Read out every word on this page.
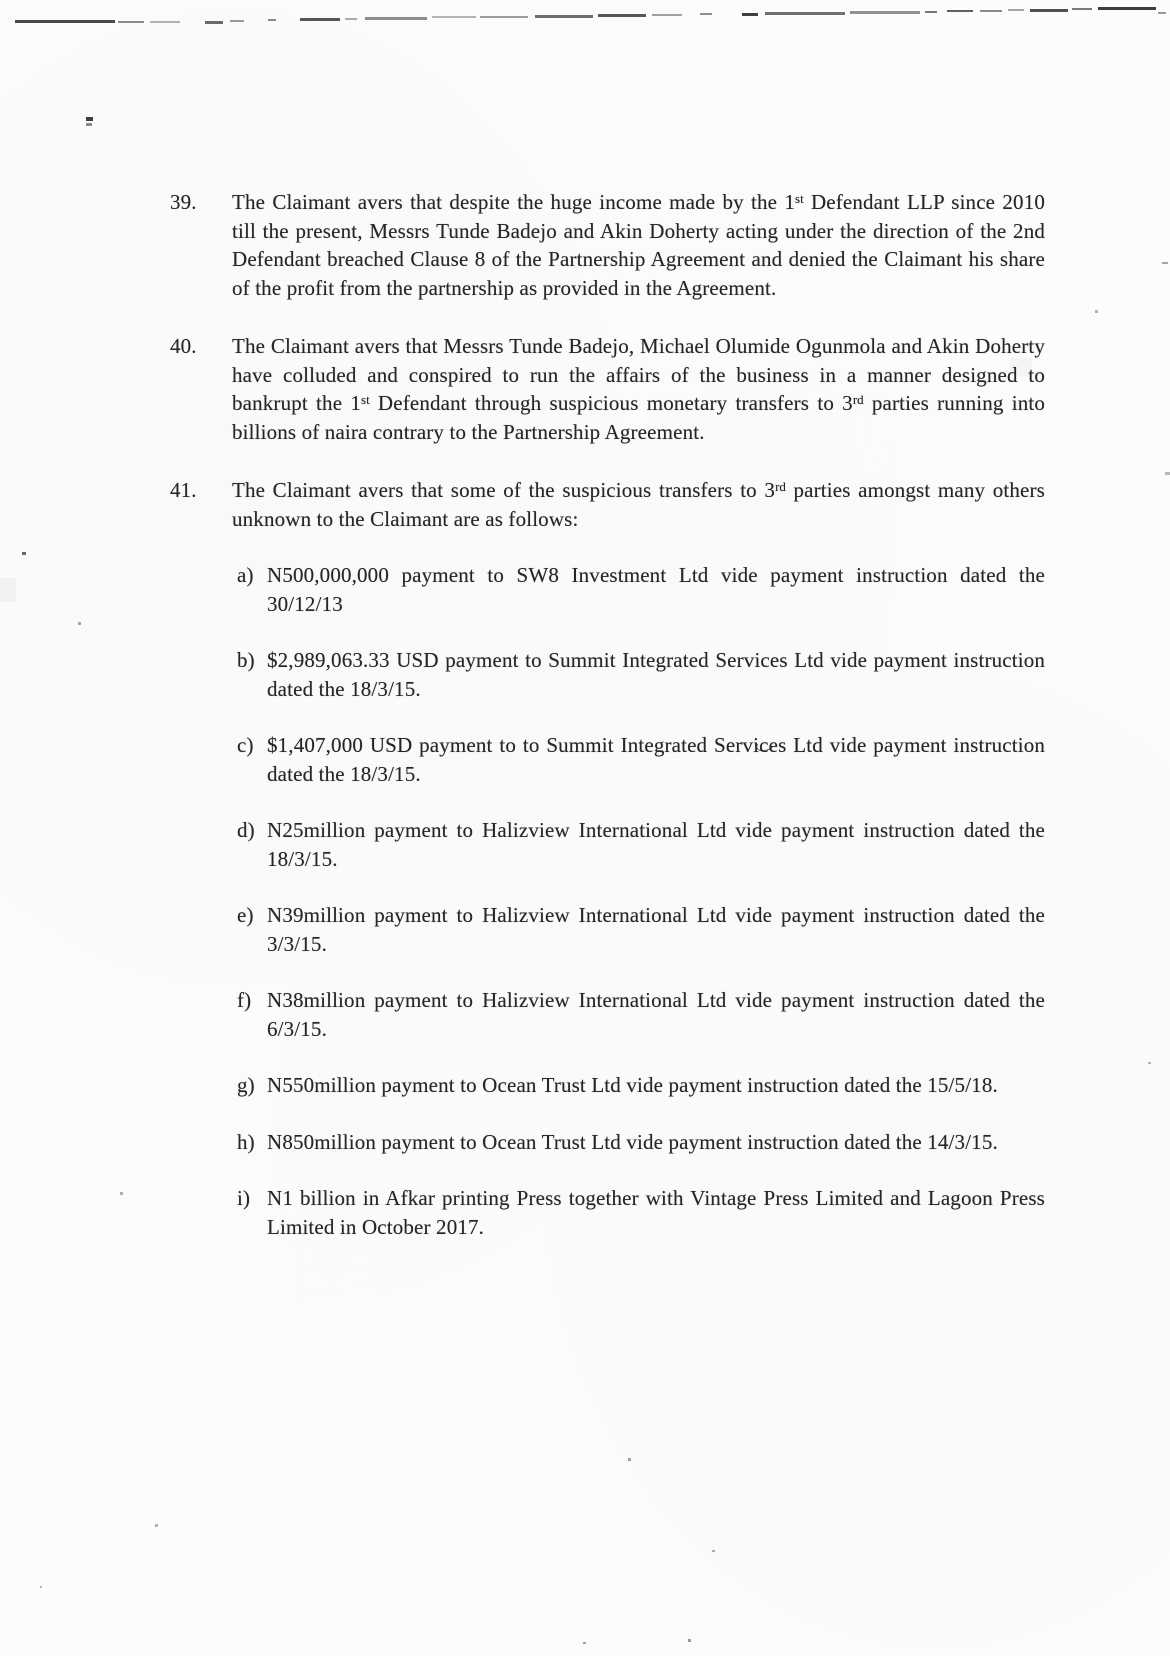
39.	The Claimant avers that despite the huge income made by the 1st Defendant LLP since 2010 till the present, Messrs Tunde Badejo and Akin Doherty acting under the direction of the 2nd Defendant breached Clause 8 of the Partnership Agreement and denied the Claimant his share of the profit from the partnership as provided in the Agreement.
40.	The Claimant avers that Messrs Tunde Badejo, Michael Olumide Ogunmola and Akin Doherty have colluded and conspired to run the affairs of the business in a manner designed to bankrupt the 1st Defendant through suspicious monetary transfers to 3rd parties running into billions of naira contrary to the Partnership Agreement.
41.	The Claimant avers that some of the suspicious transfers to 3rd parties amongst many others unknown to the Claimant are as follows:
a) N500,000,000 payment to SW8 Investment Ltd vide payment instruction dated the 30/12/13
b) $2,989,063.33 USD payment to Summit Integrated Services Ltd vide payment instruction dated the 18/3/15.
c) $1,407,000 USD payment to to Summit Integrated Services Ltd vide payment instruction dated the 18/3/15.
d) N25million payment to Halizview International Ltd vide payment instruction dated the 18/3/15.
e) N39million payment to Halizview International Ltd vide payment instruction dated the 3/3/15.
f) N38million payment to Halizview International Ltd vide payment instruction dated the 6/3/15.
g) N550million payment to Ocean Trust Ltd vide payment instruction dated the 15/5/18.
h) N850million payment to Ocean Trust Ltd vide payment instruction dated the 14/3/15.
i) N1 billion in Afkar printing Press together with Vintage Press Limited and Lagoon Press Limited in October 2017.
